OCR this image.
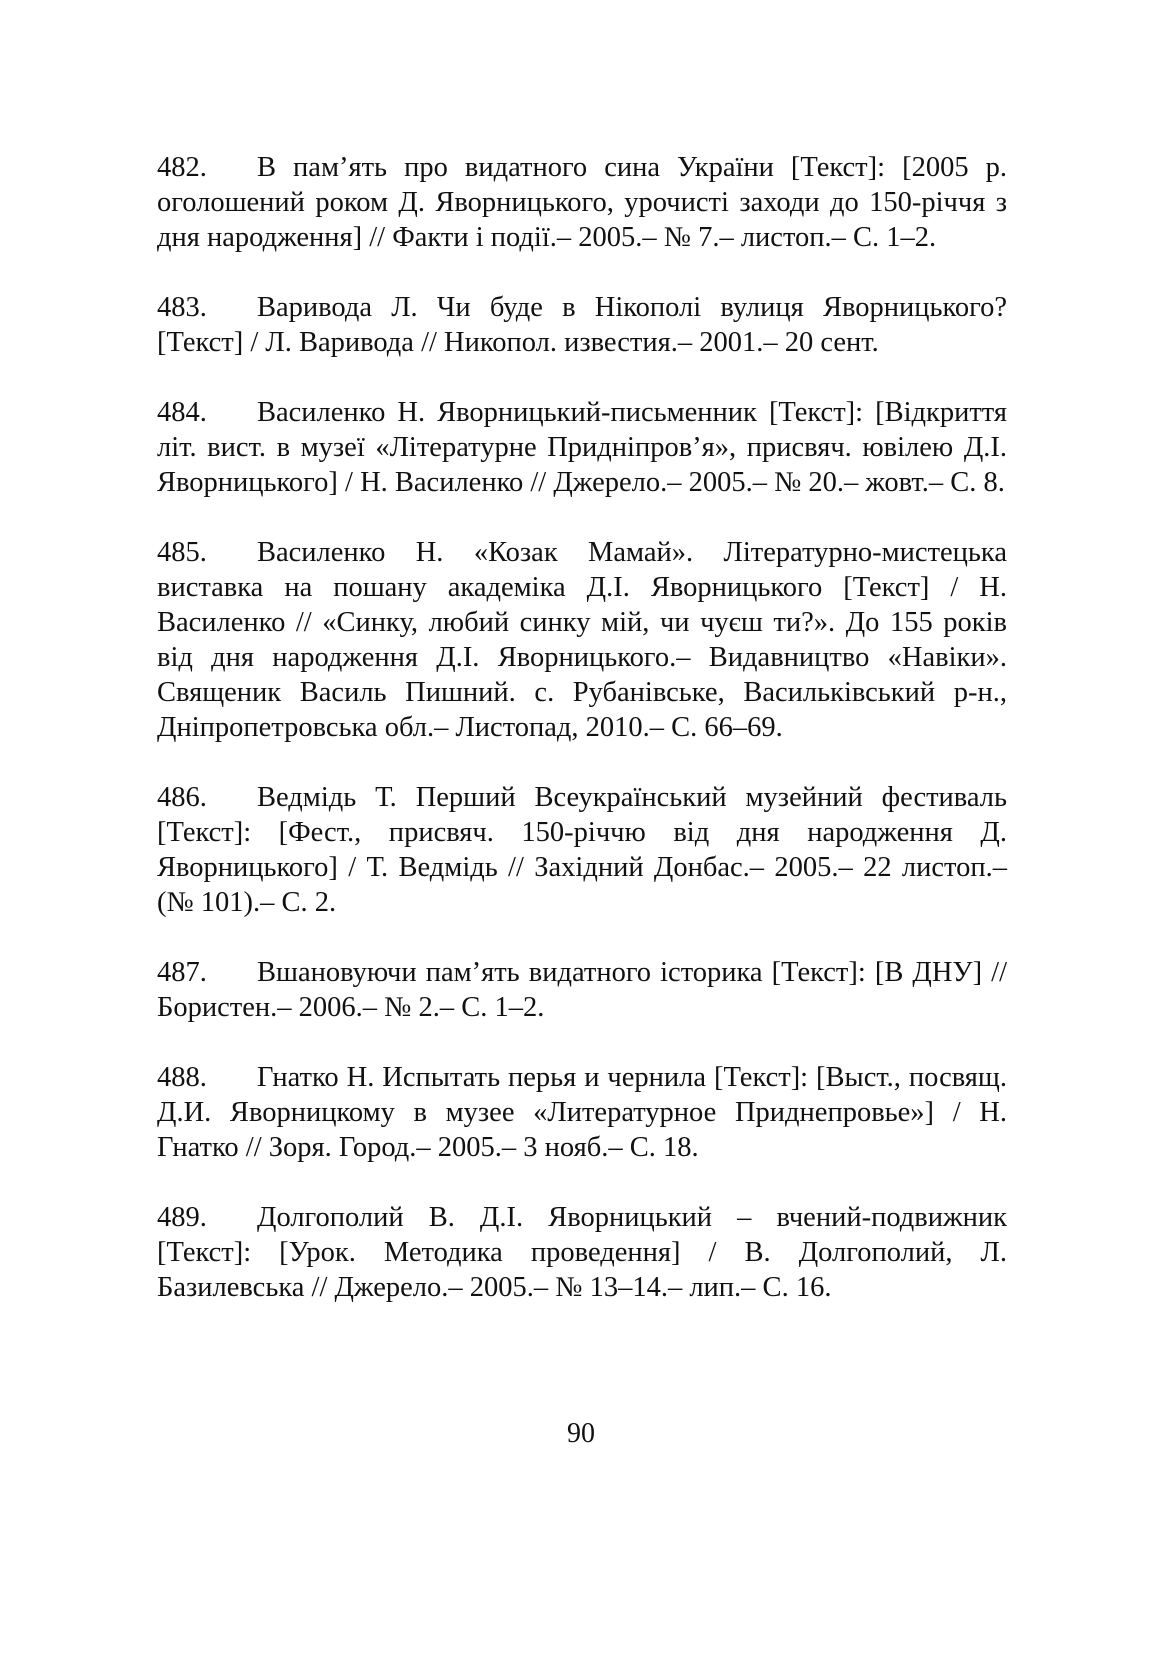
482. В пам’ять про видатного сина України [Текст]: [2005 р. оголошений роком Д. Яворницького, урочисті заходи до 150-річчя з дня народження] // Факти і події.– 2005.– № 7.– листоп.– С. 1–2.

483. Варивода Л. Чи буде в Нікополі вулиця Яворницького? [Текст] / Л. Варивода // Никопол. известия.– 2001.– 20 сент.

484. Василенко Н. Яворницький-письменник [Текст]: [Відкриття літ. вист. в музеї «Літературне Придніпров’я», присвяч. ювілею Д.І. Яворницького] / Н. Василенко // Джерело.– 2005.– № 20.– жовт.– С. 8.

485. Василенко Н. «Козак Мамай». Літературно-мистецька виставка на пошану академіка Д.І. Яворницького [Текст] / Н. Василенко // «Синку, любий синку мій, чи чуєш ти?». До 155 років від дня народження Д.І. Яворницького.– Видавництво «Навіки». Священик Василь Пишний. с. Рубанівське, Васильківський р-н., Дніпропетровська обл.– Листопад, 2010.– С. 66–69.

486. Ведмідь Т. Перший Всеукраїнський музейний фестиваль [Текст]: [Фест., присвяч. 150-річчю від дня народження Д. Яворницького] / Т. Ведмідь // Західний Донбас.– 2005.– 22 листоп.– (№ 101).– С. 2.

487. Вшановуючи пам’ять видатного історика [Текст]: [В ДНУ] // Бористен.– 2006.– № 2.– С. 1–2.

488. Гнатко Н. Испытать перья и чернила [Текст]: [Выст., посвящ. Д.И. Яворницкому в музее «Литературное Приднепровье»] / Н. Гнатко // Зоря. Город.– 2005.– 3 нояб.– С. 18.

489. Долгополий В. Д.І. Яворницький – вчений-подвижник [Текст]: [Урок. Методика проведення] / В. Долгополий, Л. Базилевська // Джерело.– 2005.– № 13–14.– лип.– С. 16.

90
